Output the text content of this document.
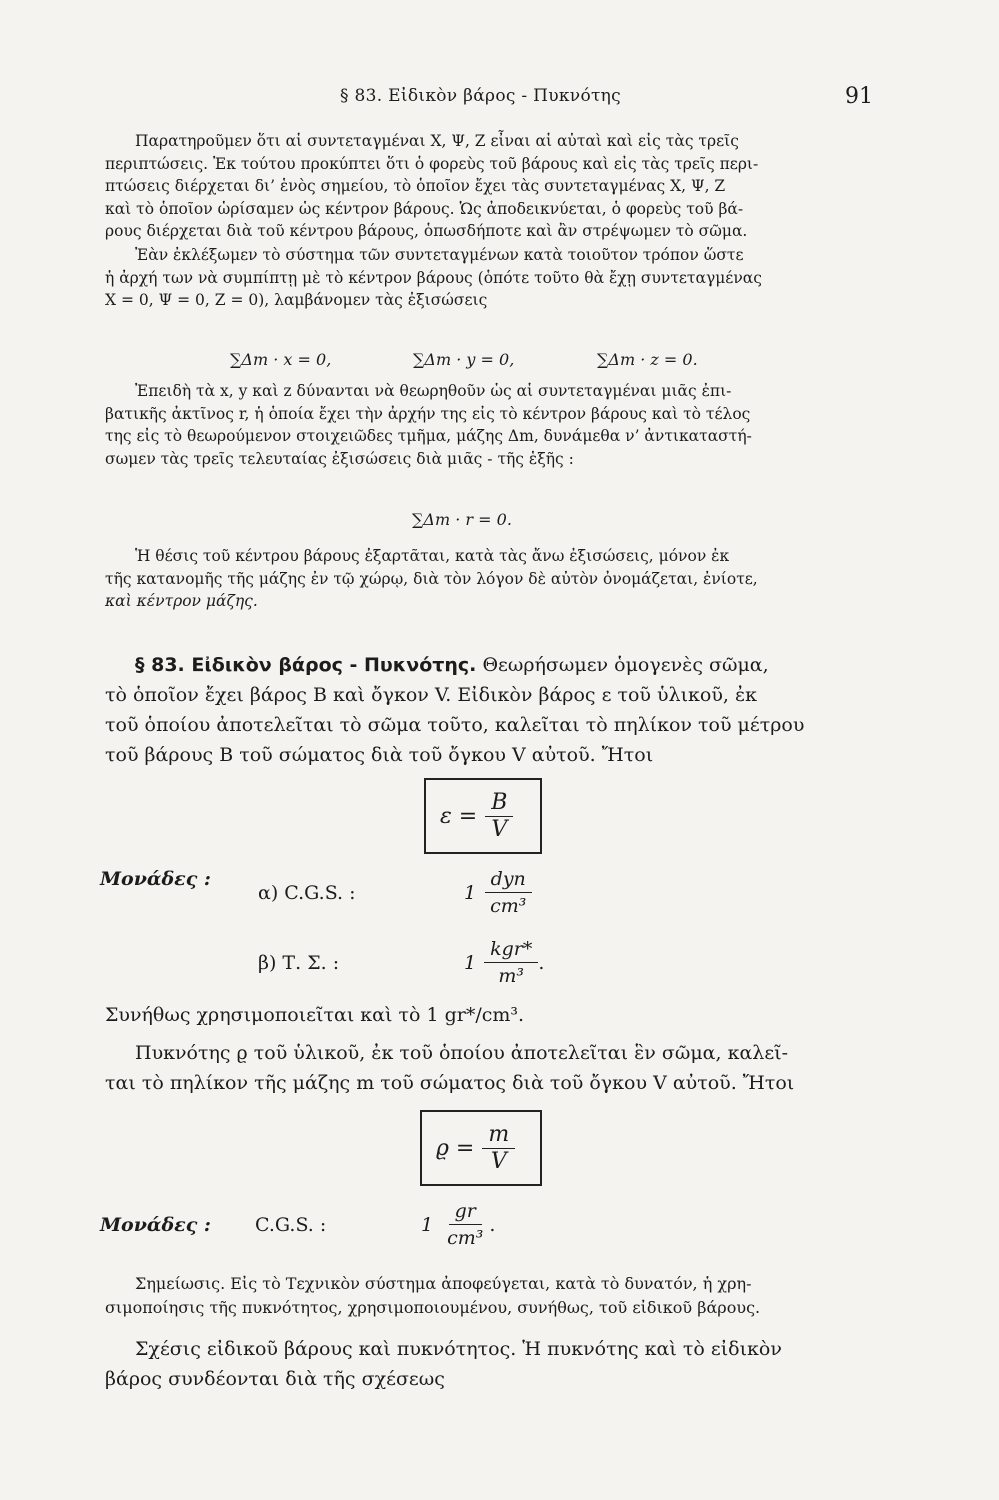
§ 83. Εἰδικὸν βάρος - Πυκνότης	91

Παρατηροῦμεν ὅτι αἱ συντεταγμέναι X, Ψ, Z εἶναι αἱ αὐταὶ καὶ εἰς τὰς τρεῖς

περιπτώσεις. Ἐκ τούτου προκύπτει ὅτι ὁ φορεὺς τοῦ βάρους καὶ εἰς τὰς τρεῖς περι-

πτώσεις διέρχεται δι’ ἑνὸς σημείου, τὸ ὁποῖον ἔχει τὰς συντεταγμένας X, Ψ, Z

καὶ τὸ ὁποῖον ὡρίσαμεν ὡς κέντρον βάρους. Ὡς ἀποδεικνύεται, ὁ φορεὺς τοῦ βά-

ρους διέρχεται διὰ τοῦ κέντρου βάρους, ὁπωσδήποτε καὶ ἂν στρέψωμεν τὸ σῶμα.

Ἐὰν ἐκλέξωμεν τὸ σύστημα τῶν συντεταγμένων κατὰ τοιοῦτον τρόπον ὥστε

ἡ ἀρχή των νὰ συμπίπτῃ μὲ τὸ κέντρον βάρους (ὁπότε τοῦτο θὰ ἔχῃ συντεταγμένας

X = 0, Ψ = 0, Z = 0), λαμβάνομεν τὰς ἐξισώσεις

∑Δm · x = 0,	∑Δm · y = 0,	∑Δm · z = 0.

Ἐπειδὴ τὰ x, y καὶ z δύνανται νὰ θεωρηθοῦν ὡς αἱ συντεταγμέναι μιᾶς ἐπι-

βατικῆς ἀκτῖνος r, ἡ ὁποία ἔχει τὴν ἀρχήν της εἰς τὸ κέντρον βάρους καὶ τὸ τέλος

της εἰς τὸ θεωρούμενον στοιχειῶδες τμῆμα, μάζης Δm, δυνάμεθα ν’ ἀντικαταστή-

σωμεν τὰς τρεῖς τελευταίας ἐξισώσεις διὰ μιᾶς - τῆς ἑξῆς :

∑Δm · r = 0.

Ἡ θέσις τοῦ κέντρου βάρους ἐξαρτᾶται, κατὰ τὰς ἄνω ἐξισώσεις, μόνον ἐκ

τῆς κατανομῆς τῆς μάζης ἐν τῷ χώρῳ, διὰ τὸν λόγον δὲ αὐτὸν ὀνομάζεται, ἐνίοτε,

καὶ κέντρον μάζης.

§ 83. Εἰδικὸν βάρος - Πυκνότης. Θεωρήσωμεν ὁμογενὲς σῶμα,

τὸ ὁποῖον ἔχει βάρος B καὶ ὄγκον V. Εἰδικὸν βάρος ε τοῦ ὑλικοῦ, ἐκ

τοῦ ὁποίου ἀποτελεῖται τὸ σῶμα τοῦτο, καλεῖται τὸ πηλίκον τοῦ μέτρου

τοῦ βάρους B τοῦ σώματος διὰ τοῦ ὄγκου V αὐτοῦ. Ἤτοι

$\varepsilon = \frac{B}{V}$
Μονάδες :
α) C.G.S. :	$1 \frac{\text{dyn}}{\text{cm³}}$
β) Τ. Σ. :	$1 \frac{\text{kgr*}}{\text{m³}}$ .

Συνήθως χρησιμοποιεῖται καὶ τὸ 1 gr*/cm³.

Πυκνότης ϱ τοῦ ὑλικοῦ, ἐκ τοῦ ὁποίου ἀποτελεῖται ἓν σῶμα, καλεῖ-

ται τὸ πηλίκον τῆς μάζης m τοῦ σώματος διὰ τοῦ ὄγκου V αὐτοῦ. Ἤτοι

$ϱ = \frac{m}{V}$
Μονάδες :	C.G.S. :	$1 \frac{gr}{\text{cm³}}$ .

Σημείωσις. Εἰς τὸ Τεχνικὸν σύστημα ἀποφεύγεται, κατὰ τὸ δυνατόν, ἡ χρη-

σιμοποίησις τῆς πυκνότητος, χρησιμοποιουμένου, συνήθως, τοῦ εἰδικοῦ βάρους.

Σχέσις εἰδικοῦ βάρους καὶ πυκνότητος. Ἡ πυκνότης καὶ τὸ εἰδικὸν

βάρος συνδέονται διὰ τῆς σχέσεως
